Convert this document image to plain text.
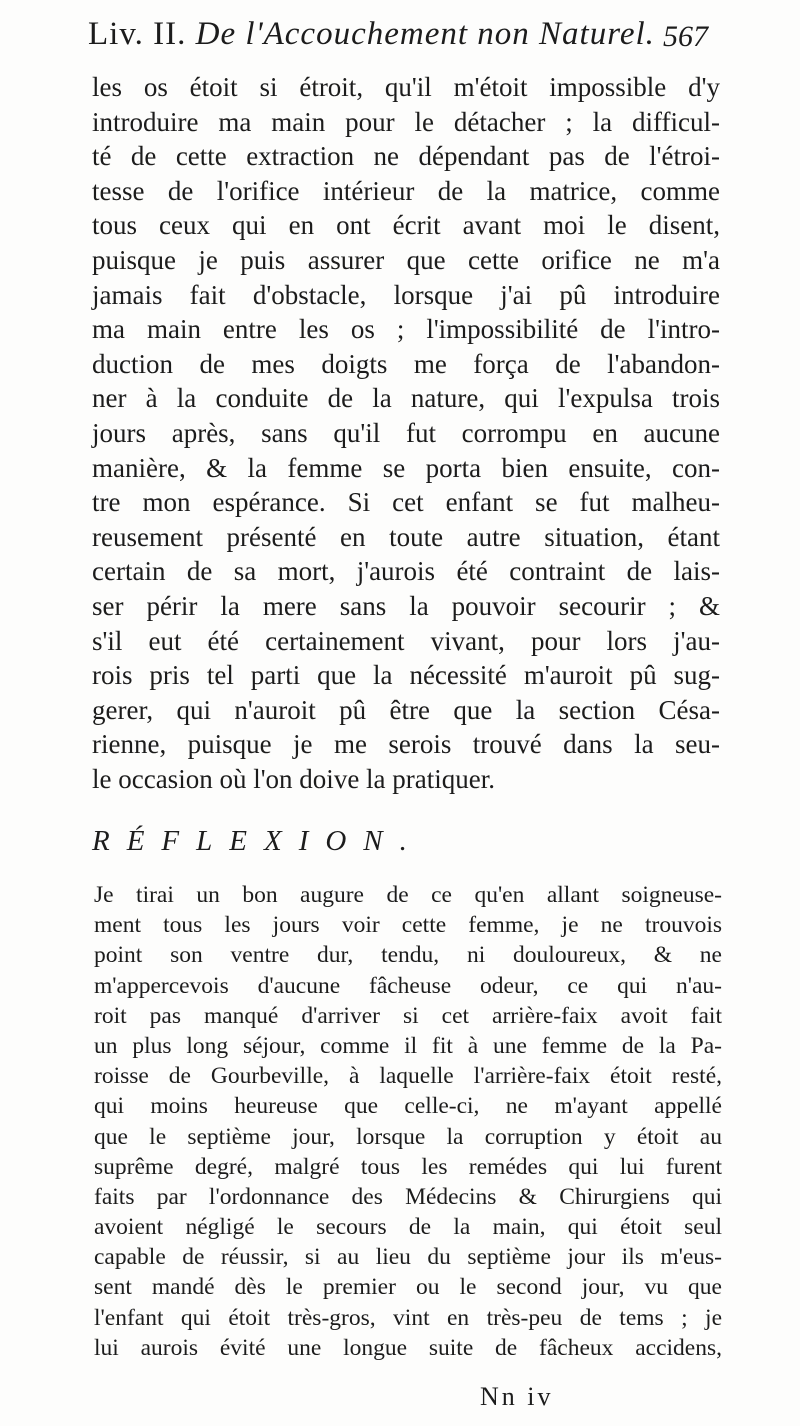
Liv. II. De l'Accouchement non Naturel. 567
les os étoit si étroit, qu'il m'étoit impossible d'y
introduire ma main pour le détacher ; la difficul-
té de cette extraction ne dépendant pas de l'étroi-
tesse de l'orifice intérieur de la matrice, comme
tous ceux qui en ont écrit avant moi le disent,
puisque je puis assurer que cette orifice ne m'a
jamais fait d'obstacle, lorsque j'ai pû introduire
ma main entre les os ; l'impossibilité de l'intro-
duction de mes doigts me força de l'abandon-
ner à la conduite de la nature, qui l'expulsa trois
jours après, sans qu'il fut corrompu en aucune
manière, & la femme se porta bien ensuite, con-
tre mon espérance. Si cet enfant se fut malheu-
reusement présenté en toute autre situation, étant
certain de sa mort, j'aurois été contraint de lais-
ser périr la mere sans la pouvoir secourir ; &
s'il eut été certainement vivant, pour lors j'au-
rois pris tel parti que la nécessité m'auroit pû sug-
gerer, qui n'auroit pû être que la section Césa-
rienne, puisque je me serois trouvé dans la seu-
le occasion où l'on doive la pratiquer.
RÉFLEXION.
Je tirai un bon augure de ce qu'en allant soigneuse-
ment tous les jours voir cette femme, je ne trouvois
point son ventre dur, tendu, ni douloureux, & ne
m'appercevois d'aucune fâcheuse odeur, ce qui n'au-
roit pas manqué d'arriver si cet arrière-faix avoit fait
un plus long séjour, comme il fit à une femme de la Pa-
roisse de Gourbeville, à laquelle l'arrière-faix étoit resté,
qui moins heureuse que celle-ci, ne m'ayant appellé
que le septième jour, lorsque la corruption y étoit au
suprême degré, malgré tous les remédes qui lui furent
faits par l'ordonnance des Médecins & Chirurgiens qui
avoient négligé le secours de la main, qui étoit seul
capable de réussir, si au lieu du septième jour ils m'eus-
sent mandé dès le premier ou le second jour, vu que
l'enfant qui étoit très-gros, vint en très-peu de tems ; je
lui aurois évité une longue suite de fâcheux accidens,
Nn iv
